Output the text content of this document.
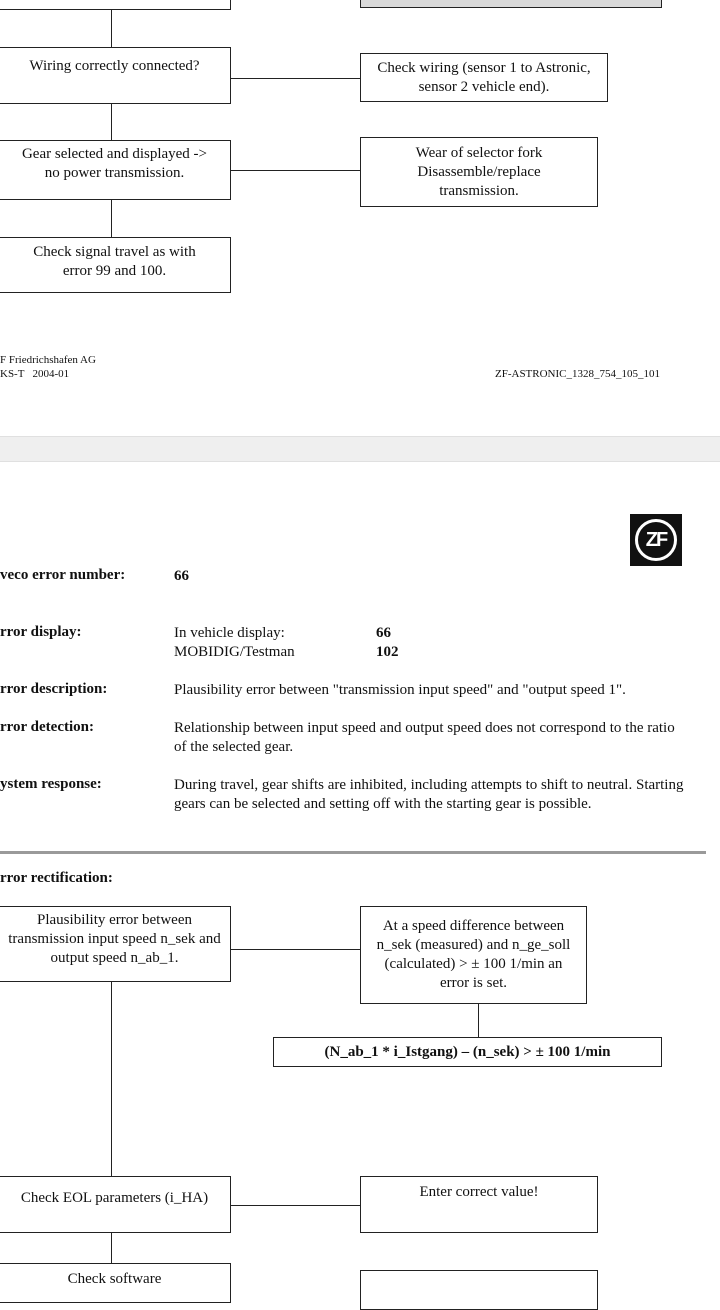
Wiring correctly connected?	Check wiring (sensor 1 to Astronic, sensor 2 vehicle end).
Gear selected and displayed -> no power transmission.
Wear of selector fork Disassemble/replace transmission.
Check signal travel as with error 99 and 100.
F Friedrichshafen AG
KS-T   2004-01	ZF-ASTRONIC_1328_754_105_101
ZF
veco error number:	66
rror display:	In vehicle display:	66
MOBIDIG/Testman	102
rror description:	Plausibility error between "transmission input speed" and "output speed 1".
rror detection:	Relationship between input speed and output speed does not correspond to the ratio of the selected gear.
ystem response:	During travel, gear shifts are inhibited, including attempts to shift to neutral. Starting gears can be selected and setting off with the starting gear is possible.
rror rectification:
Plausibility error between transmission input speed n_sek and output speed n_ab_1.
At a speed difference between n_sek (measured) and n_ge_soll (calculated) > ± 100 1/min an error is set.
(N_ab_1 * i_Istgang) – (n_sek) > ± 100 1/min
Check EOL parameters (i_HA)	Enter correct value!
Check software
